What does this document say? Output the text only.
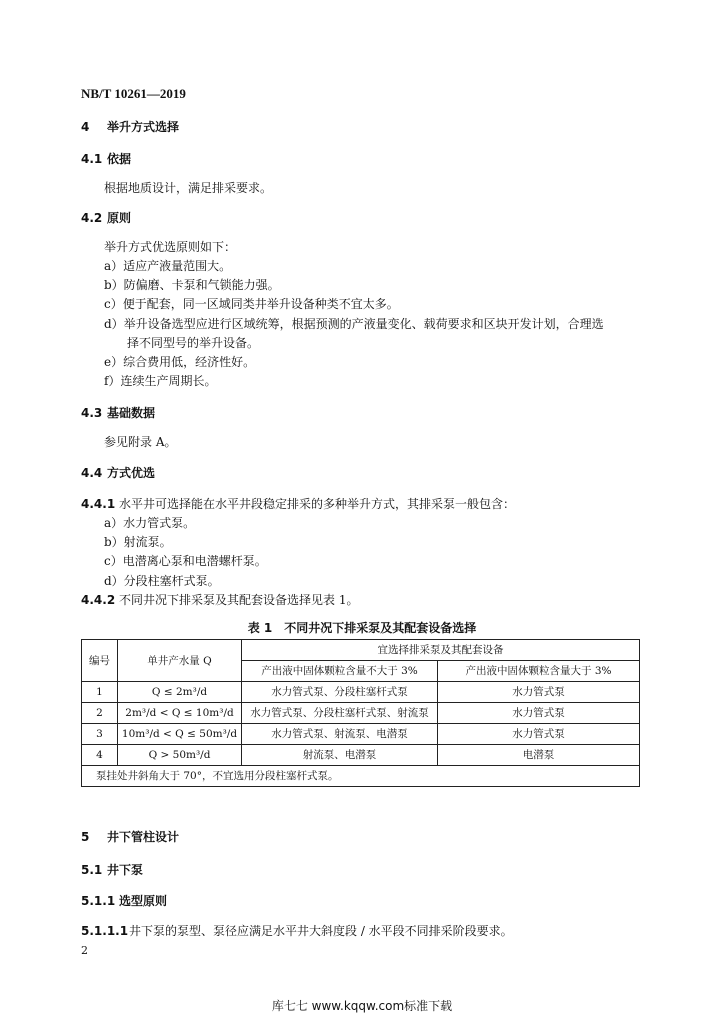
NB/T 10261—2019
4 举升方式选择
4.1 依据
根据地质设计，满足排采要求。
4.2 原则
举升方式优选原则如下：
a）适应产液量范围大。
b）防偏磨、卡泵和气锁能力强。
c）便于配套，同一区域同类井举升设备种类不宜太多。
d）举升设备选型应进行区域统筹，根据预测的产液量变化、载荷要求和区块开发计划，合理选
择不同型号的举升设备。
e）综合费用低，经济性好。
f）连续生产周期长。
4.3 基础数据
参见附录 A。
4.4 方式优选
4.4.1 水平井可选择能在水平井段稳定排采的多种举升方式，其排采泵一般包含：
a）水力管式泵。
b）射流泵。
c）电潜离心泵和电潜螺杆泵。
d）分段柱塞杆式泵。
4.4.2 不同井况下排采泵及其配套设备选择见表 1。
表 1　不同井况下排采泵及其配套设备选择
编号	单井产水量 Q	宜选择排采泵及其配套设备	
		产出液中固体颗粒含量不大于 3%	产出液中固体颗粒含量大于 3%
1	Q ≤ 2m³/d	水力管式泵、分段柱塞杆式泵	水力管式泵
2	2m³/d < Q ≤ 10m³/d	水力管式泵、分段柱塞杆式泵、射流泵	水力管式泵
3	10m³/d < Q ≤ 50m³/d	水力管式泵、射流泵、电潜泵	水力管式泵
4	Q > 50m³/d	射流泵、电潜泵	电潜泵
泵挂处井斜角大于 70°，不宜选用分段柱塞杆式泵。			
5 井下管柱设计
5.1 井下泵
5.1.1 选型原则
5.1.1.1井下泵的泵型、泵径应满足水平井大斜度段 / 水平段不同排采阶段要求。
2
库七七 www.kqqw.com标准下载
